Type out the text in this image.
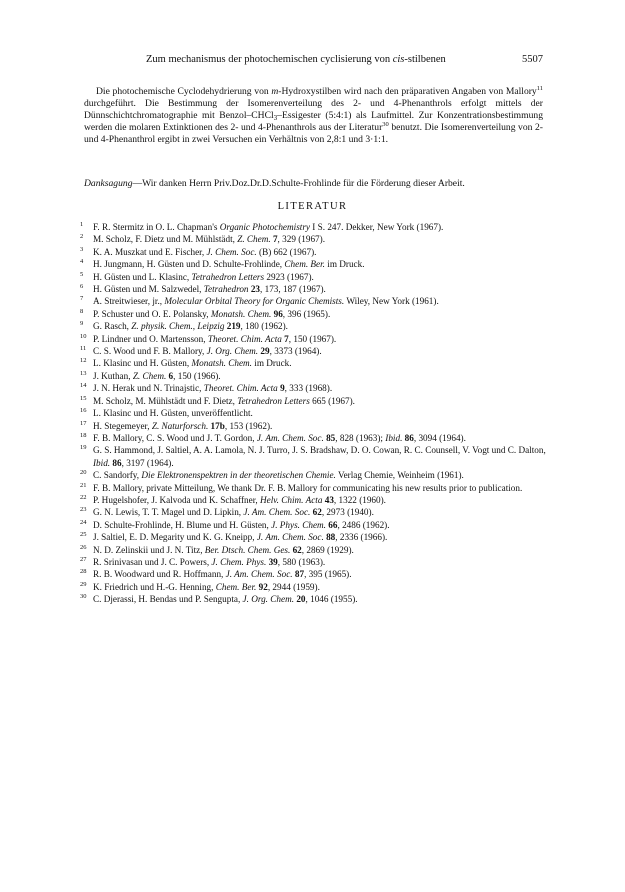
Zum mechanismus der photochemischen cyclisierung von cis-stilbenen	5507

Die photochemische Cyclodehydrierung von m-Hydroxystilben wird nach den präparativen Angaben von Mallory$^{11}$ durchgeführt. Die Bestimmung der Isomerenverteilung des 2- und 4-Phenanthrols erfolgt mittels der Dünnschichtchromatographie mit Benzol–CHCl$_3$–Essigester (5:4:1) als Laufmittel. Zur Konzentrationsbestimmung werden die molaren Extinktionen des 2- und 4-Phenanthrols aus der Literatur$^{30}$ benutzt. Die Isomerenverteilung von 2- und 4-Phenanthrol ergibt in zwei Versuchen ein Verhältnis von 2,8:1 und 3·1:1.

Danksagung—Wir danken Herrn Priv.Doz.Dr.D.Schulte-Frohlinde für die Förderung dieser Arbeit.

LITERATUR
1	F. R. Stermitz in O. L. Chapman's Organic Photochemistry I S. 247. Dekker, New York (1967).
2	M. Scholz, F. Dietz und M. Mühlstädt, Z. Chem. 7, 329 (1967).
3	K. A. Muszkat und E. Fischer, J. Chem. Soc. (B) 662 (1967).
4	H. Jungmann, H. Güsten und D. Schulte-Frohlinde, Chem. Ber. im Druck.
5	H. Güsten und L. Klasinc, Tetrahedron Letters 2923 (1967).
6	H. Güsten und M. Salzwedel, Tetrahedron 23, 173, 187 (1967).
7	A. Streitwieser, jr., Molecular Orbital Theory for Organic Chemists. Wiley, New York (1961).
8	P. Schuster und O. E. Polansky, Monatsh. Chem. 96, 396 (1965).
9	G. Rasch, Z. physik. Chem., Leipzig 219, 180 (1962).
10 P. Lindner und O. Martensson, Theoret. Chim. Acta 7, 150 (1967).
11 C. S. Wood und F. B. Mallory, J. Org. Chem. 29, 3373 (1964).
12 L. Klasinc und H. Güsten, Monatsh. Chem. im Druck.
13 J. Kuthan, Z. Chem. 6, 150 (1966).
14 J. N. Herak und N. Trinajstic, Theoret. Chim. Acta 9, 333 (1968).
15 M. Scholz, M. Mühlstädt und F. Dietz, Tetrahedron Letters 665 (1967).
16 L. Klasinc und H. Güsten, unveröffentlicht.
17 H. Stegemeyer, Z. Naturforsch. 17b, 153 (1962).
18 F. B. Mallory, C. S. Wood und J. T. Gordon, J. Am. Chem. Soc. 85, 828 (1963); Ibid. 86, 3094 (1964).
19 G. S. Hammond, J. Saltiel, A. A. Lamola, N. J. Turro, J. S. Bradshaw, D. O. Cowan, R. C. Counsell, V. Vogt und C. Dalton, Ibid. 86, 3197 (1964).
20 C. Sandorfy, Die Elektronenspektren in der theoretischen Chemie. Verlag Chemie, Weinheim (1961).
21 F. B. Mallory, private Mitteilung, We thank Dr. F. B. Mallory for communicating his new results prior to publication.
22 P. Hugelshofer, J. Kalvoda und K. Schaffner, Helv. Chim. Acta 43, 1322 (1960).
23 G. N. Lewis, T. T. Magel und D. Lipkin, J. Am. Chem. Soc. 62, 2973 (1940).
24 D. Schulte-Frohlinde, H. Blume und H. Güsten, J. Phys. Chem. 66, 2486 (1962).
25 J. Saltiel, E. D. Megarity und K. G. Kneipp, J. Am. Chem. Soc. 88, 2336 (1966).
26 N. D. Zelinskii und J. N. Titz, Ber. Dtsch. Chem. Ges. 62, 2869 (1929).
27 R. Srinivasan und J. C. Powers, J. Chem. Phys. 39, 580 (1963).
28 R. B. Woodward und R. Hoffmann, J. Am. Chem. Soc. 87, 395 (1965).
29 K. Friedrich und H.-G. Henning, Chem. Ber. 92, 2944 (1959).
30 C. Djerassi, H. Bendas und P. Sengupta, J. Org. Chem. 20, 1046 (1955).
